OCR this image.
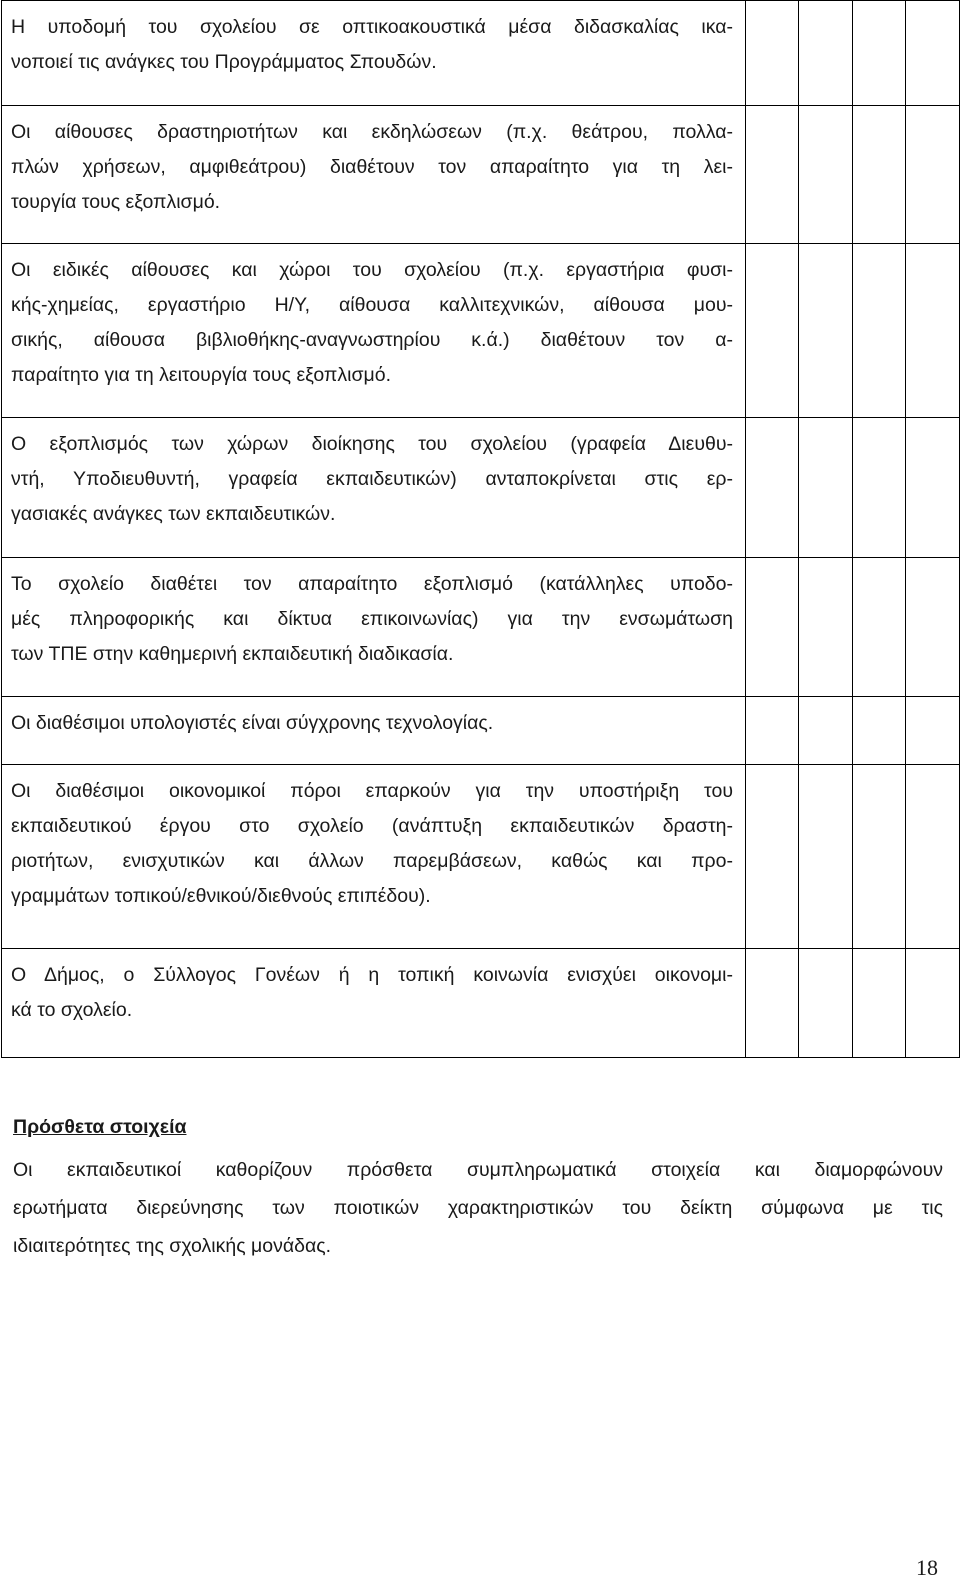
Η υποδομή του σχολείου σε οπτικοακουστικά μέσα διδασκαλίας ικα-
νοποιεί τις ανάγκες του Προγράμματος Σπουδών.				

Οι αίθουσες δραστηριοτήτων και εκδηλώσεων (π.χ. θεάτρου, πολλα-
πλών χρήσεων, αμφιθεάτρου) διαθέτουν τον απαραίτητο για τη λει-
τουργία τους εξοπλισμό.				

Οι ειδικές αίθουσες και χώροι του σχολείου (π.χ. εργαστήρια φυσι-
κής-χημείας, εργαστήριο Η/Υ, αίθουσα καλλιτεχνικών, αίθουσα μου-
σικής, αίθουσα βιβλιοθήκης-αναγνωστηρίου κ.ά.) διαθέτουν τον α-
παραίτητο για τη λειτουργία τους εξοπλισμό.				

Ο εξοπλισμός των χώρων διοίκησης του σχολείου (γραφεία Διευθυ-
ντή, Υποδιευθυντή, γραφεία εκπαιδευτικών) ανταποκρίνεται στις ερ-
γασιακές ανάγκες των εκπαιδευτικών.				

Το σχολείο διαθέτει τον απαραίτητο εξοπλισμό (κατάλληλες υποδο-
μές πληροφορικής και δίκτυα επικοινωνίας) για την ενσωμάτωση
των ΤΠΕ στην καθημερινή εκπαιδευτική διαδικασία.				

Οι διαθέσιμοι υπολογιστές είναι σύγχρονης τεχνολογίας.				

Οι διαθέσιμοι οικονομικοί πόροι επαρκούν για την υποστήριξη του
εκπαιδευτικού έργου στο σχολείο (ανάπτυξη εκπαιδευτικών δραστη-
ριοτήτων, ενισχυτικών και άλλων παρεμβάσεων, καθώς και προ-
γραμμάτων τοπικού/εθνικού/διεθνούς επιπέδου).				

Ο Δήμος, ο Σύλλογος Γονέων ή η τοπική κοινωνία ενισχύει οικονομι-
κά το σχολείο.				

Πρόσθετα στοιχεία
Οι εκπαιδευτικοί καθορίζουν πρόσθετα συμπληρωματικά στοιχεία και διαμορφώνουν
ερωτήματα διερεύνησης των ποιοτικών χαρακτηριστικών του δείκτη σύμφωνα με τις
ιδιαιτερότητες της σχολικής μονάδας.
18
